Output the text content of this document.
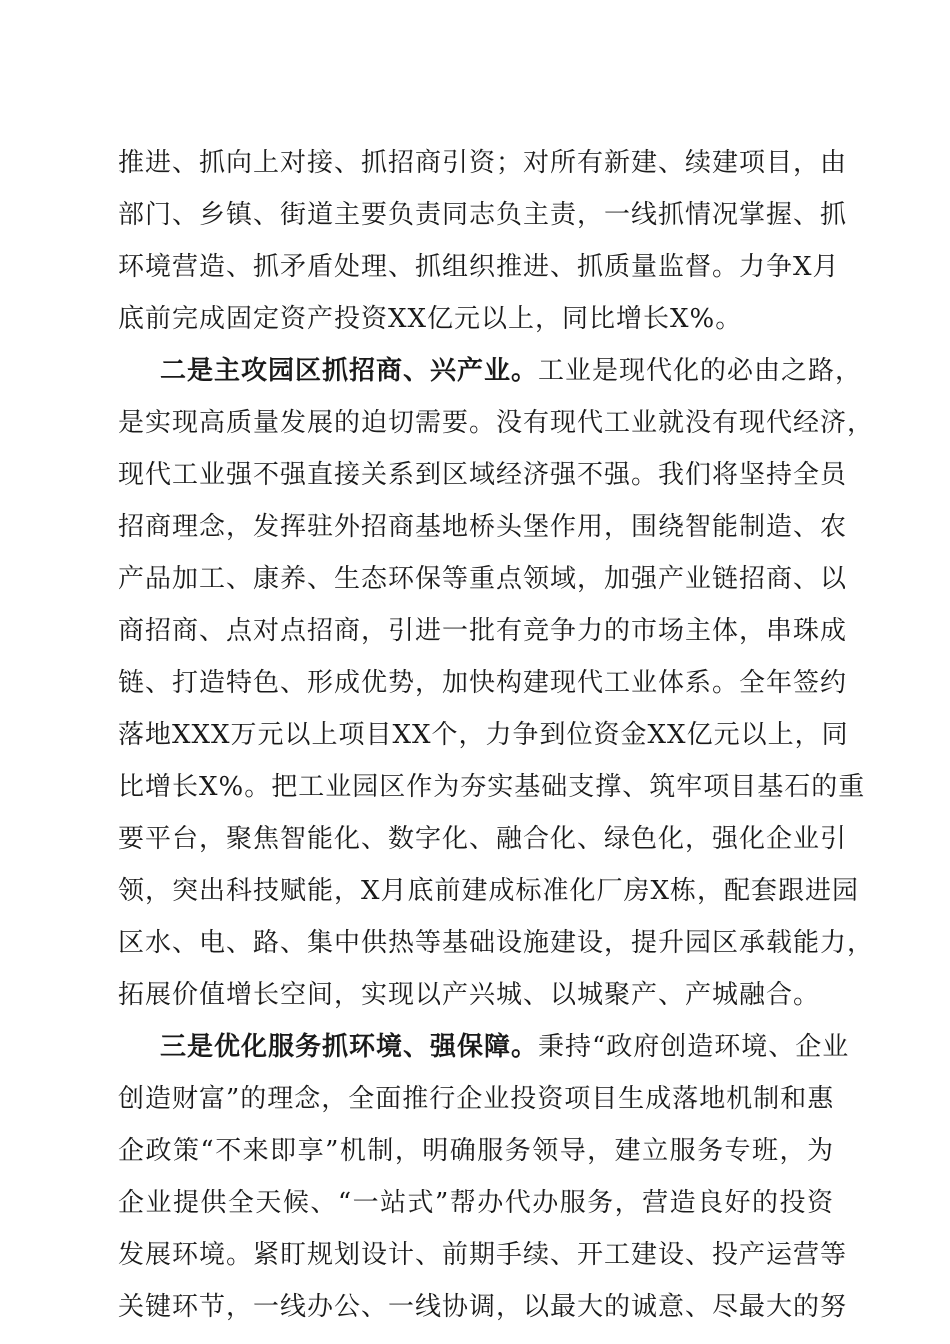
推进、抓向上对接、抓招商引资；对所有新建、续建项目，由
部门、乡镇、街道主要负责同志负主责，一线抓情况掌握、抓
环境营造、抓矛盾处理、抓组织推进、抓质量监督。力争X月
底前完成固定资产投资XX亿元以上，同比增长X%。
二是主攻园区抓招商、兴产业。工业是现代化的必由之路，
是实现高质量发展的迫切需要。没有现代工业就没有现代经济，
现代工业强不强直接关系到区域经济强不强。我们将坚持全员
招商理念，发挥驻外招商基地桥头堡作用，围绕智能制造、农
产品加工、康养、生态环保等重点领域，加强产业链招商、以
商招商、点对点招商，引进一批有竞争力的市场主体，串珠成
链、打造特色、形成优势，加快构建现代工业体系。全年签约
落地XXX万元以上项目XX个，力争到位资金XX亿元以上，同
比增长X%。把工业园区作为夯实基础支撑、筑牢项目基石的重
要平台，聚焦智能化、数字化、融合化、绿色化，强化企业引
领，突出科技赋能，X月底前建成标准化厂房X栋，配套跟进园
区水、电、路、集中供热等基础设施建设，提升园区承载能力，
拓展价值增长空间，实现以产兴城、以城聚产、产城融合。
三是优化服务抓环境、强保障。秉持“政府创造环境、企业
创造财富”的理念，全面推行企业投资项目生成落地机制和惠
企政策“不来即享”机制，明确服务领导，建立服务专班，为
企业提供全天候、“一站式”帮办代办服务，营造良好的投资
发展环境。紧盯规划设计、前期手续、开工建设、投产运营等
关键环节，一线办公、一线协调，以最大的诚意、尽最大的努
